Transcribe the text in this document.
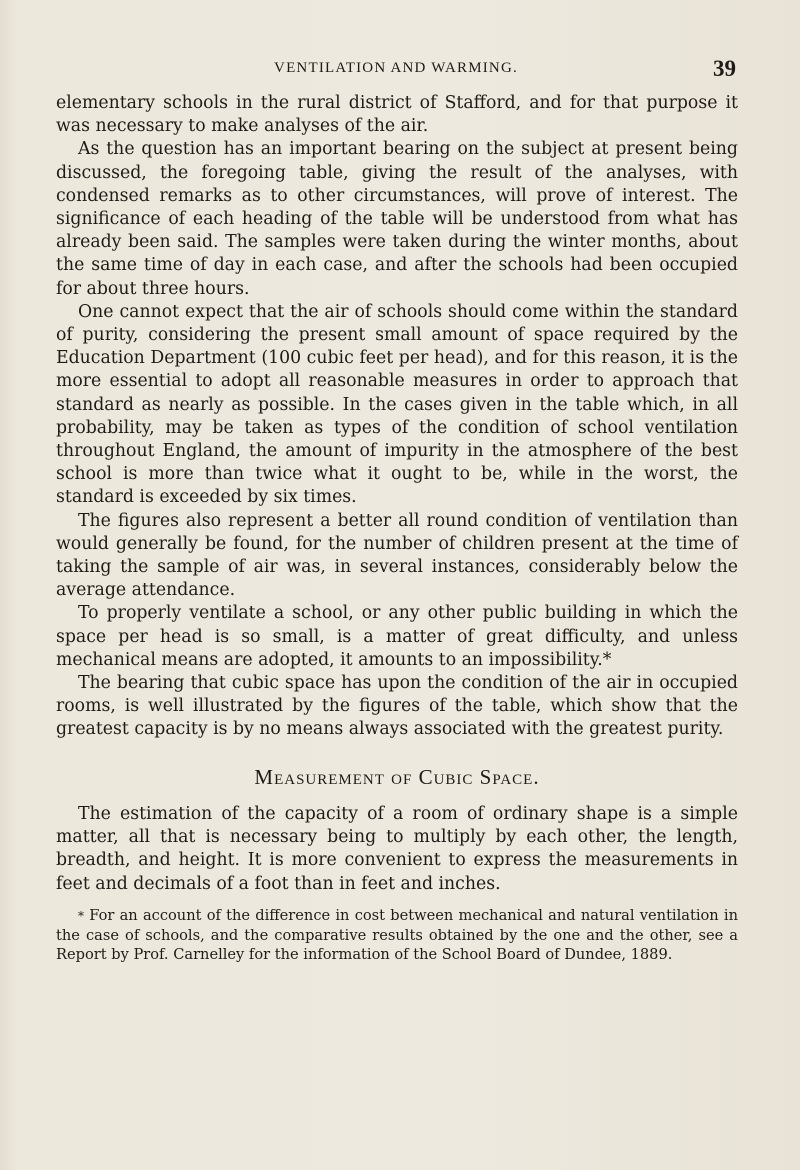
VENTILATION AND WARMING.	39

elementary schools in the rural district of Stafford, and for that purpose it was necessary to make analyses of the air.

As the question has an important bearing on the subject at present being discussed, the foregoing table, giving the result of the analyses, with condensed remarks as to other circumstances, will prove of interest. The significance of each heading of the table will be understood from what has already been said. The samples were taken during the winter months, about the same time of day in each case, and after the schools had been occupied for about three hours.

One cannot expect that the air of schools should come within the standard of purity, considering the present small amount of space required by the Education Department (100 cubic feet per head), and for this reason, it is the more essential to adopt all reasonable measures in order to approach that standard as nearly as possible. In the cases given in the table which, in all probability, may be taken as types of the condition of school ventilation throughout England, the amount of impurity in the atmosphere of the best school is more than twice what it ought to be, while in the worst, the standard is exceeded by six times.

The figures also represent a better all round condition of ventilation than would generally be found, for the number of children present at the time of taking the sample of air was, in several instances, considerably below the average attendance.

To properly ventilate a school, or any other public building in which the space per head is so small, is a matter of great difficulty, and unless mechanical means are adopted, it amounts to an impossibility.*

The bearing that cubic space has upon the condition of the air in occupied rooms, is well illustrated by the figures of the table, which show that the greatest capacity is by no means always associated with the greatest purity.

Measurement of Cubic Space.

The estimation of the capacity of a room of ordinary shape is a simple matter, all that is necessary being to multiply by each other, the length, breadth, and height. It is more convenient to express the measurements in feet and decimals of a foot than in feet and inches.

* For an account of the difference in cost between mechanical and natural ventilation in the case of schools, and the comparative results obtained by the one and the other, see a Report by Prof. Carnelley for the information of the School Board of Dundee, 1889.
